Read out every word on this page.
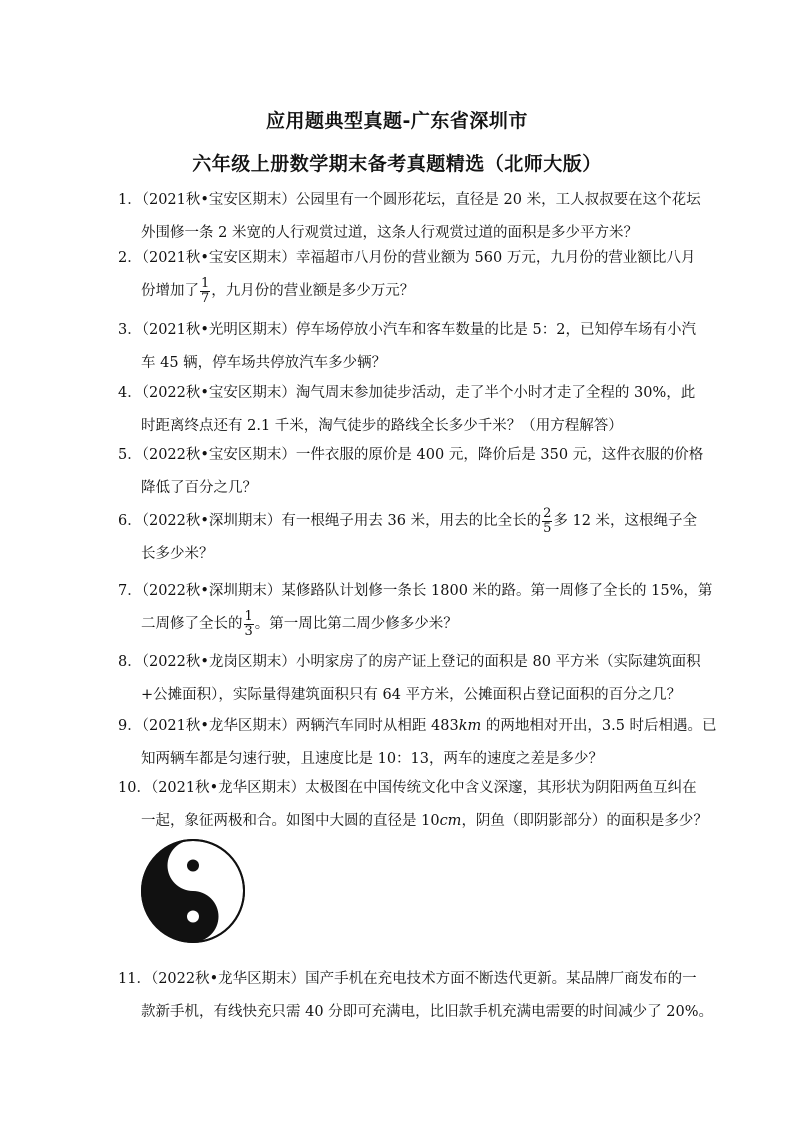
应用题典型真题-广东省深圳市
六年级上册数学期末备考真题精选（北师大版）
1．（2021秋•宝安区期末）公园里有一个圆形花坛，直径是 20 米，工人叔叔要在这个花坛
外围修一条 2 米宽的人行观赏过道，这条人行观赏过道的面积是多少平方米？
2．（2021秋•宝安区期末）幸福超市八月份的营业额为 560 万元，九月份的营业额比八月
份增加了 $\frac{1}{7}$ ，九月份的营业额是多少万元？
3．（2021秋•光明区期末）停车场停放小汽车和客车数量的比是 5：2，已知停车场有小汽
车 45 辆，停车场共停放汽车多少辆？
4．（2022秋•宝安区期末）淘气周末参加徒步活动，走了半个小时才走了全程的 30%，此
时距离终点还有 2.1 千米，淘气徒步的路线全长多少千米？（用方程解答）
5．（2022秋•宝安区期末）一件衣服的原价是 400 元，降价后是 350 元，这件衣服的价格
降低了百分之几？
6．（2022秋•深圳期末）有一根绳子用去 36 米，用去的比全长的 $\frac{2}{5}$ 多 12 米，这根绳子全
长多少米？
7．（2022秋•深圳期末）某修路队计划修一条长 1800 米的路。第一周修了全长的 15%，第
二周修了全长的 $\frac{1}{3}$ 。第一周比第二周少修多少米？
8．（2022秋•龙岗区期末）小明家房了的房产证上登记的面积是 80 平方米（实际建筑面积
+公摊面积），实际量得建筑面积只有 64 平方米，公摊面积占登记面积的百分之几？
9．（2021秋•龙华区期末）两辆汽车同时从相距 483km 的两地相对开出，3.5 时后相遇。已
知两辆车都是匀速行驶，且速度比是 10：13，两车的速度之差是多少？
10．（2021秋•龙华区期末）太极图在中国传统文化中含义深邃，其形状为阴阳两鱼互纠在
一起，象征两极和合。如图中大圆的直径是 10cm，阴鱼（即阴影部分）的面积是多少？
11．（2022秋•龙华区期末）国产手机在充电技术方面不断迭代更新。某品牌厂商发布的一
款新手机，有线快充只需 40 分即可充满电，比旧款手机充满电需要的时间减少了 20%。
